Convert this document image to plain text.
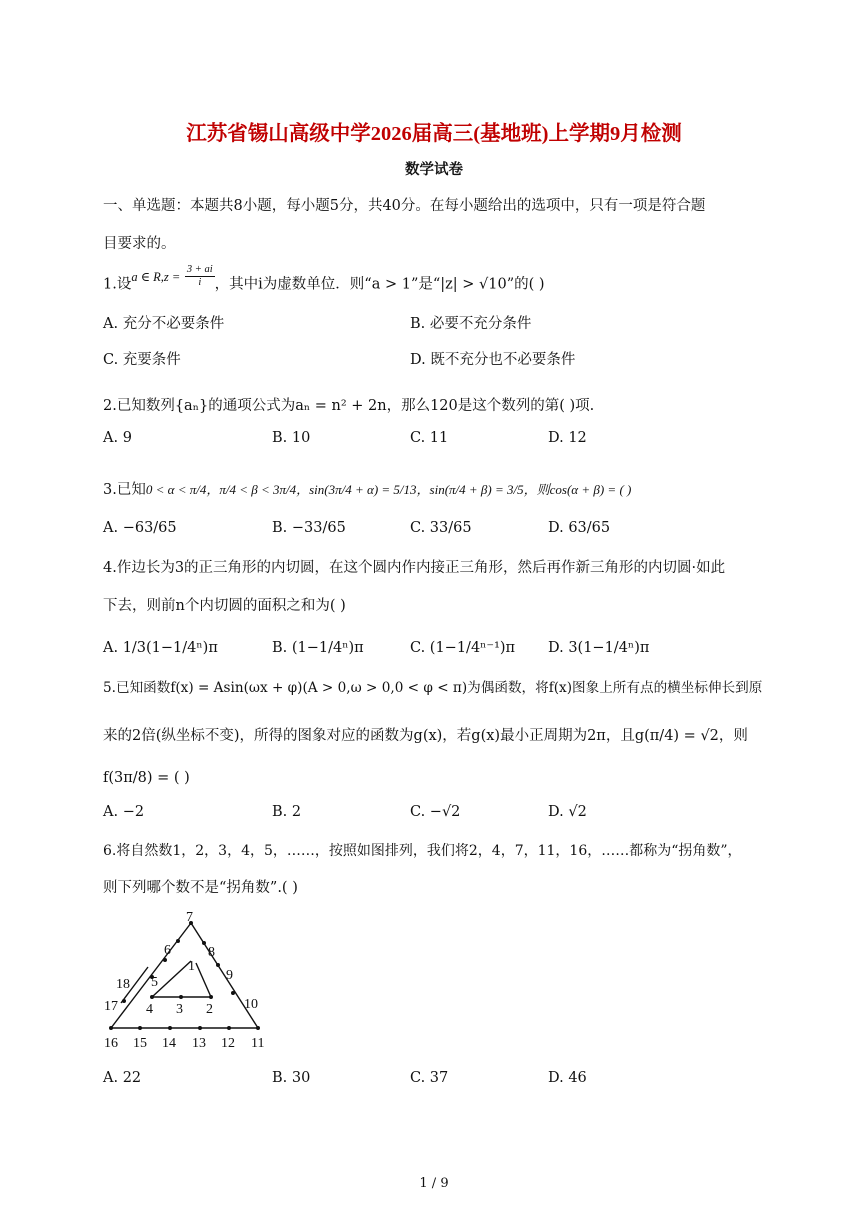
江苏省锡山高级中学2026届高三(基地班)上学期9月检测
数学试卷
一、单选题：本题共8小题，每小题5分，共40分。在每小题给出的选项中，只有一项是符合题
目要求的。
1.设a ∈ $R,z = \frac{3 + ai}{i}$ ，其中i为虚数单位．则“a > 1”是“|z| > √10”的( )
A. 充分不必要条件	B. 必要不充分条件
C. 充要条件	D. 既不充分也不必要条件
2.已知数列{aₙ}的通项公式为aₙ = n² + 2n，那么120是这个数列的第( )项.
A. 9	B. 10	C. 11	D. 12
3.已知0 < α < π/4，π/4 < β < 3π/4，sin(3π/4 + α) = 5/13，sin(π/4 + β) = 3/5，则cos(α + β) = ( )
A. −63/65	B. −33/65	C. 33/65	D. 63/65
4.作边长为3的正三角形的内切圆，在这个圆内作内接正三角形，然后再作新三角形的内切圆·如此
下去，则前n个内切圆的面积之和为( )
A. 1/3(1−1/4ⁿ)π	B. (1−1/4ⁿ)π	C. (1−1/4ⁿ⁻¹)π D. 3(1−1/4ⁿ)π
5.已知函数f(x) = Asin(ωx + φ)(A > 0,ω > 0,0 < φ < π)为偶函数，将f(x)图象上所有点的横坐标伸长到原
来的2倍(纵坐标不变)，所得的图象对应的函数为g(x)，若g(x)最小正周期为2π，且g(π/4) = √2，则
f(3π/8) = ( )
A. −2	B. 2	C. −√2	D. √2
6.将自然数1，2，3，4，5，……，按照如图排列，我们将2，4，7，11，16，……都称为“拐角数”，
则下列哪个数不是“拐角数”.( )
7
6	8
5
1
9
18
17 4 3 2 10
16 15 14 13 12 11
A. 22	B. 30	C. 37	D. 46
1 / 9
